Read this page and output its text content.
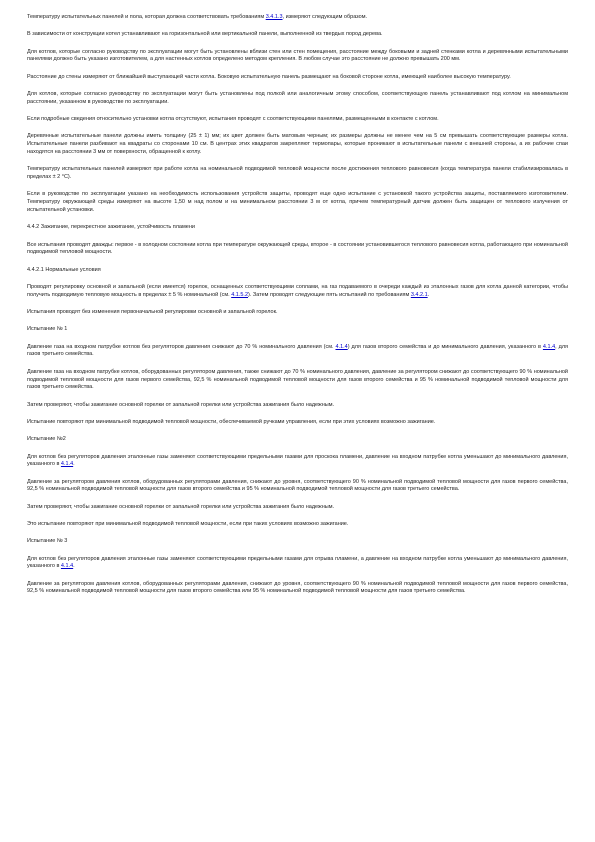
Температуру испытательных панелей и пола, которая должна соответствовать требованиям 3.4.1.3, измеряют следующим образом.

В зависимости от конструкции котел устанавливают на горизонтальной или вертикальной панели, выполненной из твердых пород дерева.

Для котлов, которые согласно руководству по эксплуатации могут быть установлены вблизи стен или стен помещения, расстояние между боковыми и задней стенками котла и деревянными испытательными панелями должно быть указано изготовителем, а для настенных котлов определено методом крепления. В любом случае это расстояние не должно превышать 200 мм.

Расстояние до стены измеряют от ближайшей выступающей части котла. Боковую испытательную панель размещают на боковой стороне котла, имеющей наиболее высокую температуру.

Для котлов, которые согласно руководству по эксплуатации могут быть установлены под полкой или аналогичным этому способом, соответствующую панель устанавливают под котлом на минимальном расстоянии, указанном в руководстве по эксплуатации.

Если подробные сведения относительно установки котла отсутствуют, испытания проводят с соответствующими панелями, размещенными в контакте с котлом.

Деревянные испытательные панели должны иметь толщину (25 ± 1) мм; их цвет должен быть матовым черным; их размеры должны не менее чем на 5 см превышать соответствующие размеры котла. Испытательные панели разбивают на квадраты со сторонами 10 см. В центрах этих квадратов закрепляют термопары, которые проникают в испытательные панели с внешней стороны, а их рабочие спаи находятся на расстоянии 3 мм от поверхности, обращенной к котлу.

Температуру испытательных панелей измеряют при работе котла на номинальной подводимой тепловой мощности после достижения теплового равновесия (когда температура панели стабилизировалась в пределах ± 2 °С).

Если в руководстве по эксплуатации указано на необходимость использования устройств защиты, проводят еще одно испытание с установкой такого устройства защиты, поставляемого изготовителем. Температуру окружающей среды измеряют на высоте 1,50 м над полом и на минимальном расстоянии 3 м от котла, причем температурный датчик должен быть защищен от теплового излучения от испытательной установки.

4.4.2 Зажигание, перекрестное зажигание, устойчивость пламени

Все испытания проводят дважды: первое - в холодном состоянии котла при температуре окружающей среды, второе - в состоянии установившегося теплового равновесия котла, работающего при номинальной подводимой тепловой мощности.

4.4.2.1 Нормальные условия

Проводят регулировку основной и запальной (если имеется) горелок, оснащенных соответствующими соплами, на газ подаваемого в очереди каждый из эталонных газов для котла данной категории, чтобы получить подводимую тепловую мощность в пределах ± 5 % номинальной (см. 4.1.5.2). Затем проводят следующие пять испытаний по требованиям 3.4.2.1.

Испытания проводят без изменения первоначальной регулировки основной и запальной горелок.

Испытание № 1

Давление газа на входном патрубке котлов без регуляторов давления снижают до 70 % номинального давления (см. 4.1.4) для газов второго семейства и до минимального давления, указанного в 4.1.4, для газов третьего семейства.

Давление газа на входном патрубке котлов, оборудованных регулятором давления, также снижают до 70 % номинального давления, давление за регулятором снижают до соответствующего 90 % номинальной подводимой тепловой мощности для газов первого семейства, 92,5 % номинальной подводимой тепловой мощности для газов второго семейства и 95 % номинальной подводимой тепловой мощности для газов третьего семейства.

Затем проверяют, чтобы зажигание основной горелки от запальной горелки или устройства зажигания было надежным.

Испытание повторяют при минимальной подводимой тепловой мощности, обеспечиваемой ручками управления, если при этих условиях возможно зажигание.

Испытание №2

Для котлов без регуляторов давления эталонные газы заменяют соответствующими предельными газами для проскока пламени, давление на входном патрубке котла уменьшают до минимального давления, указанного в 4.1.4.

Давление за регулятором давления котлов, оборудованных регуляторами давления, снижают до уровня, соответствующего 90 % номинальной подводимой тепловой мощности для газов первого семейства, 92,5 % номинальной подводимой тепловой мощности для газов второго семейства и 95 % номинальной подводимой тепловой мощности для газов третьего семейства.

Затем проверяют, чтобы зажигание основной горелки от запальной горелки или устройства зажигания было надежным.

Это испытание повторяют при минимальной подводимой тепловой мощности, если при таких условиях возможно зажигание.

Испытание № 3

Для котлов без регуляторов давления эталонные газы заменяют соответствующими предельными газами для отрыва пламени, а давление на входном патрубке котла уменьшают до минимального давления, указанного в 4.1.4.

Давление за регулятором давления котлов, оборудованных регуляторами давления, снижают до уровня, соответствующего 90 % номинальной подводимой тепловой мощности для газов первого семейства, 92,5 % номинальной подводимой тепловой мощности для газов второго семейства или 95 % номинальной подводимой тепловой мощности для газов третьего семейства.
